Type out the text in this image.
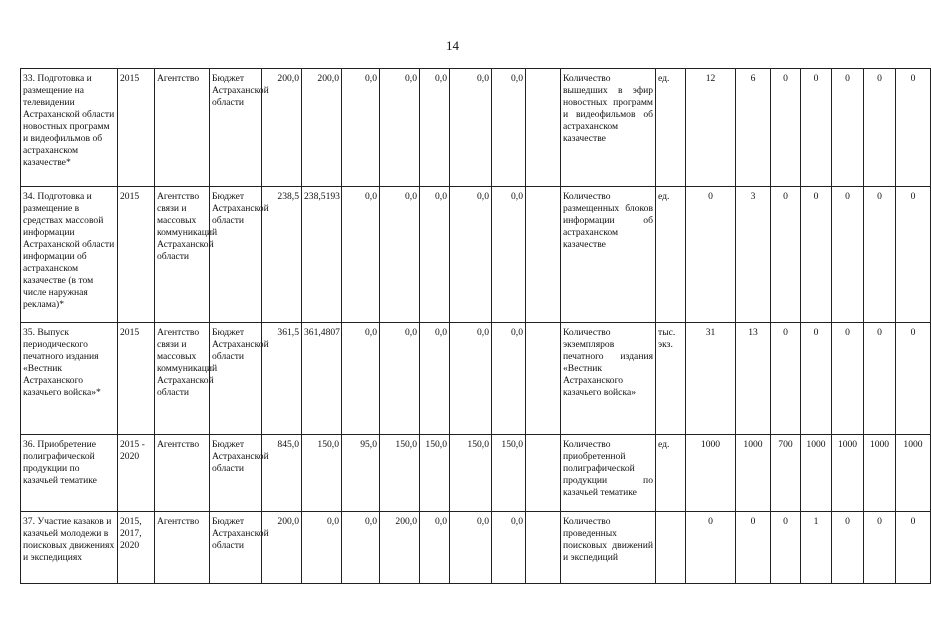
14
33. Подготовка и размещение на телевидении Астраханской области новостных программ и видеофильмов об астраханском казачестве*	2015	Агентство	Бюджет Астраханской области	200,0	200,0	0,0	0,0	0,0	0,0	0,0		Количество вышедших в эфир новостных программ и видеофильмов об астраханском казачестве	ед.	12	6	0	0	0	0	0
34. Подготовка и размещение в средствах массовой информации Астраханской области информации об астраханском казачестве (в том числе наружная реклама)*	2015	Агентство связи и массовых коммуникаций Астраханской области	Бюджет Астраханской области	238,5	238,5193	0,0	0,0	0,0	0,0	0,0		Количество размещенных блоков информации об астраханском казачестве	ед.	0	3	0	0	0	0	0
35. Выпуск периодического печатного издания «Вестник Астраханского казачьего войска»*	2015	Агентство связи и массовых коммуникаций Астраханской области	Бюджет Астраханской области	361,5	361,4807	0,0	0,0	0,0	0,0	0,0		Количество экземпляров печатного издания «Вестник Астраханского казачьего войска»	тыс. экз.	31	13	0	0	0	0	0
36. Приобретение полиграфической продукции по казачьей тематике	2015 - 2020	Агентство	Бюджет Астраханской области	845,0	150,0	95,0	150,0	150,0	150,0	150,0		Количество приобретенной полиграфической продукции по казачьей тематике	ед.	1000	1000	700	1000	1000	1000	1000
37. Участие казаков и казачьей молодежи в поисковых движениях и экспедициях	2015, 2017, 2020	Агентство	Бюджет Астраханской области	200,0	0,0	0,0	200,0	0,0	0,0	0,0		Количество проведенных поисковых движений и экспедиций		0	0	0	1	0	0	0
